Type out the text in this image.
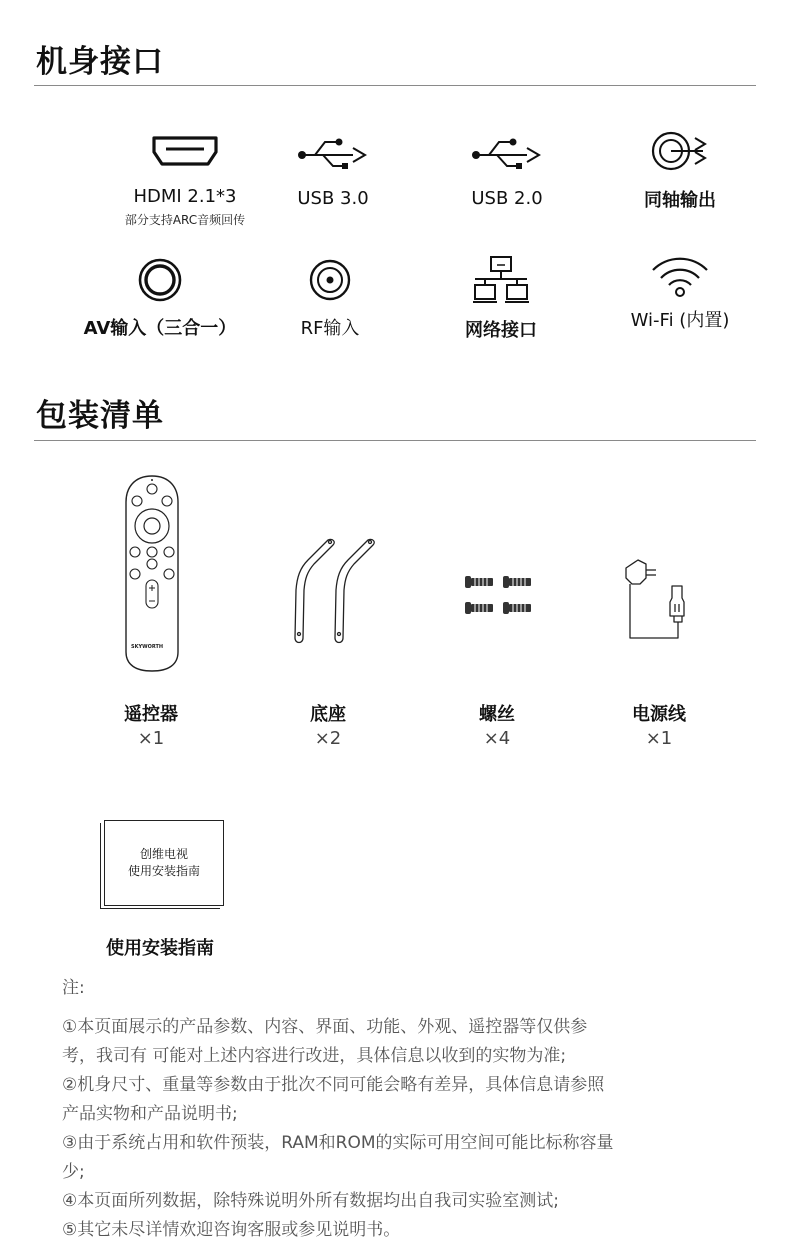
机身接口
HDMI 2.1*3
部分支持ARC音频回传
USB 3.0	USB 2.0	同轴输出
AV输入（三合一）	RF输入	网络接口	Wi-Fi (内置)
包装清单
SKYWORTH
遥控器
×1
底座
×2
螺丝
×4
电源线
×1
创维电视
使用安装指南
使用安装指南
注:
①本页面展示的产品参数、内容、界面、功能、外观、遥控器等仅供参
考，我司有 可能对上述内容进行改进，具体信息以收到的实物为准;
②机身尺寸、重量等参数由于批次不同可能会略有差异，具体信息请参照
产品实物和产品说明书;
③由于系统占用和软件预装，RAM和ROM的实际可用空间可能比标称容量
少;
④本页面所列数据，除特殊说明外所有数据均出自我司实验室测试;
⑤其它未尽详情欢迎咨询客服或参见说明书。
